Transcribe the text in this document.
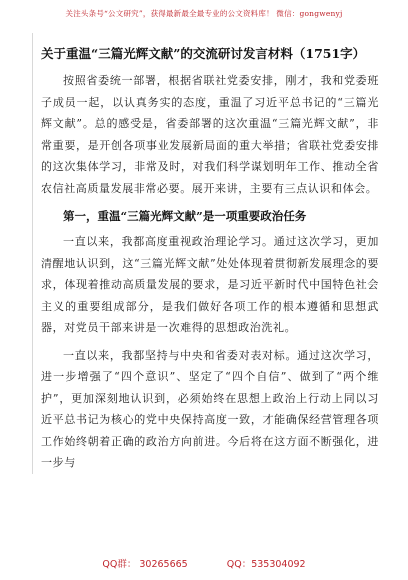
关注头条号“公文研究”，获得最新最全最专业的公文资料库！ 微信：gongwenyj
关于重温“三篇光辉文献”的交流研讨发言材料（1751字）

按照省委统一部署，根据省联社党委安排，刚才，我和党委班子成员一起，以认真务实的态度，重温了习近平总书记的“三篇光辉文献”。总的感受是，省委部署的这次重温“三篇光辉文献”，非常重要，是开创各项事业发展新局面的重大举措；省联社党委安排的这次集体学习，非常及时，对我们科学谋划明年工作、推动全省农信社高质量发展非常必要。展开来讲，主要有三点认识和体会。

第一，重温“三篇光辉文献”是一项重要政治任务

一直以来，我都高度重视政治理论学习。通过这次学习，更加清醒地认识到，这“三篇光辉文献”处处体现着贯彻新发展理念的要求，体现着推动高质量发展的要求，是习近平新时代中国特色社会主义的重要组成部分，是我们做好各项工作的根本遵循和思想武器，对党员干部来讲是一次难得的思想政治洗礼。

一直以来，我都坚持与中央和省委对表对标。通过这次学习，进一步增强了“四个意识”、坚定了“四个自信”、做到了“两个维护”，更加深刻地认识到，必须始终在思想上政治上行动上同以习近平总书记为核心的党中央保持高度一致，才能确保经营管理各项工作始终朝着正确的政治方向前进。今后将在这方面不断强化，进一步与

QQ群： 30265665	QQ：535304092
